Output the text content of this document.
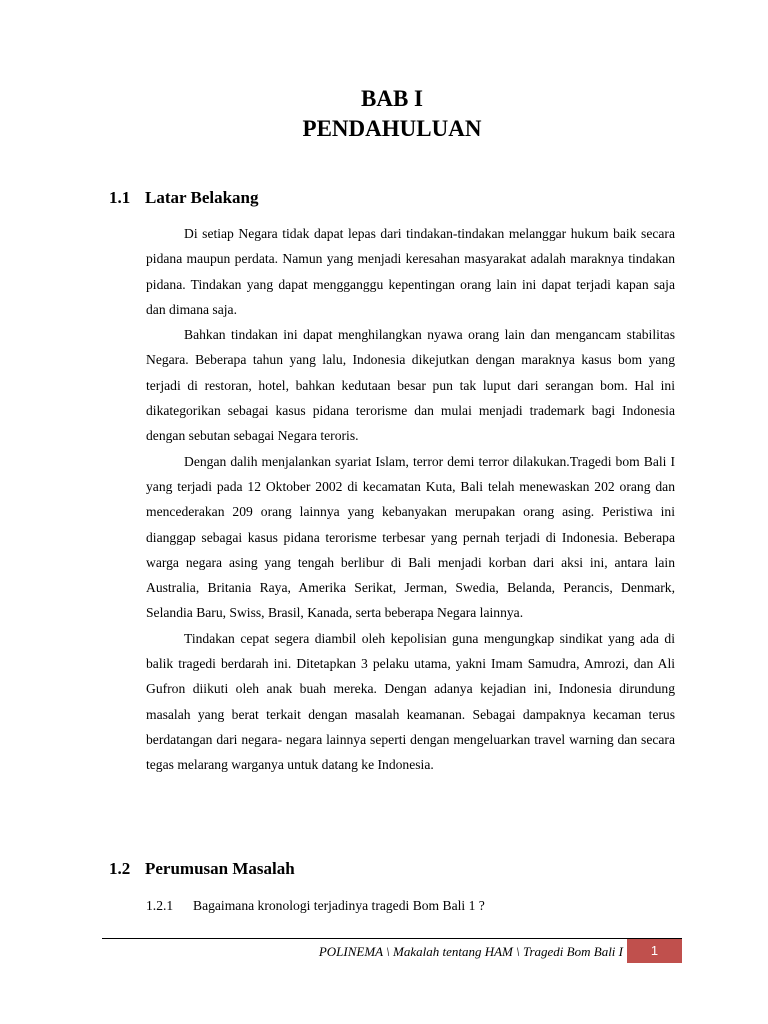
BAB I
PENDAHULUAN
1.1 Latar Belakang

Di setiap Negara tidak dapat lepas dari tindakan-tindakan melanggar hukum baik secara pidana maupun perdata. Namun yang menjadi keresahan masyarakat adalah maraknya tindakan pidana. Tindakan yang dapat mengganggu kepentingan orang lain ini dapat terjadi kapan saja dan dimana saja.

Bahkan tindakan ini dapat menghilangkan nyawa orang lain dan mengancam stabilitas Negara. Beberapa tahun yang lalu, Indonesia dikejutkan dengan maraknya kasus bom yang terjadi di restoran, hotel, bahkan kedutaan besar pun tak luput dari serangan bom. Hal ini dikategorikan sebagai kasus pidana terorisme dan mulai menjadi trademark bagi Indonesia dengan sebutan sebagai Negara teroris.

Dengan dalih menjalankan syariat Islam, terror demi terror dilakukan.Tragedi bom Bali I yang terjadi pada 12 Oktober 2002 di kecamatan Kuta, Bali telah menewaskan 202 orang dan mencederakan 209 orang lainnya yang kebanyakan merupakan orang asing. Peristiwa ini dianggap sebagai kasus pidana terorisme terbesar yang pernah terjadi di Indonesia. Beberapa warga negara asing yang tengah berlibur di Bali menjadi korban dari aksi ini, antara lain Australia, Britania Raya, Amerika Serikat, Jerman, Swedia, Belanda, Perancis, Denmark, Selandia Baru, Swiss, Brasil, Kanada, serta beberapa Negara lainnya.

Tindakan cepat segera diambil oleh kepolisian guna mengungkap sindikat yang ada di balik tragedi berdarah ini. Ditetapkan 3 pelaku utama, yakni Imam Samudra, Amrozi, dan Ali Gufron diikuti oleh anak buah mereka. Dengan adanya kejadian ini, Indonesia dirundung masalah yang berat terkait dengan masalah keamanan. Sebagai dampaknya kecaman terus berdatangan dari negara- negara lainnya seperti dengan mengeluarkan travel warning dan secara tegas melarang warganya untuk datang ke Indonesia.

1.2 Perumusan Masalah
1.2.1 Bagaimana kronologi terjadinya tragedi Bom Bali 1 ?
POLINEMA \ Makalah tentang HAM \ Tragedi Bom Bali I	1
